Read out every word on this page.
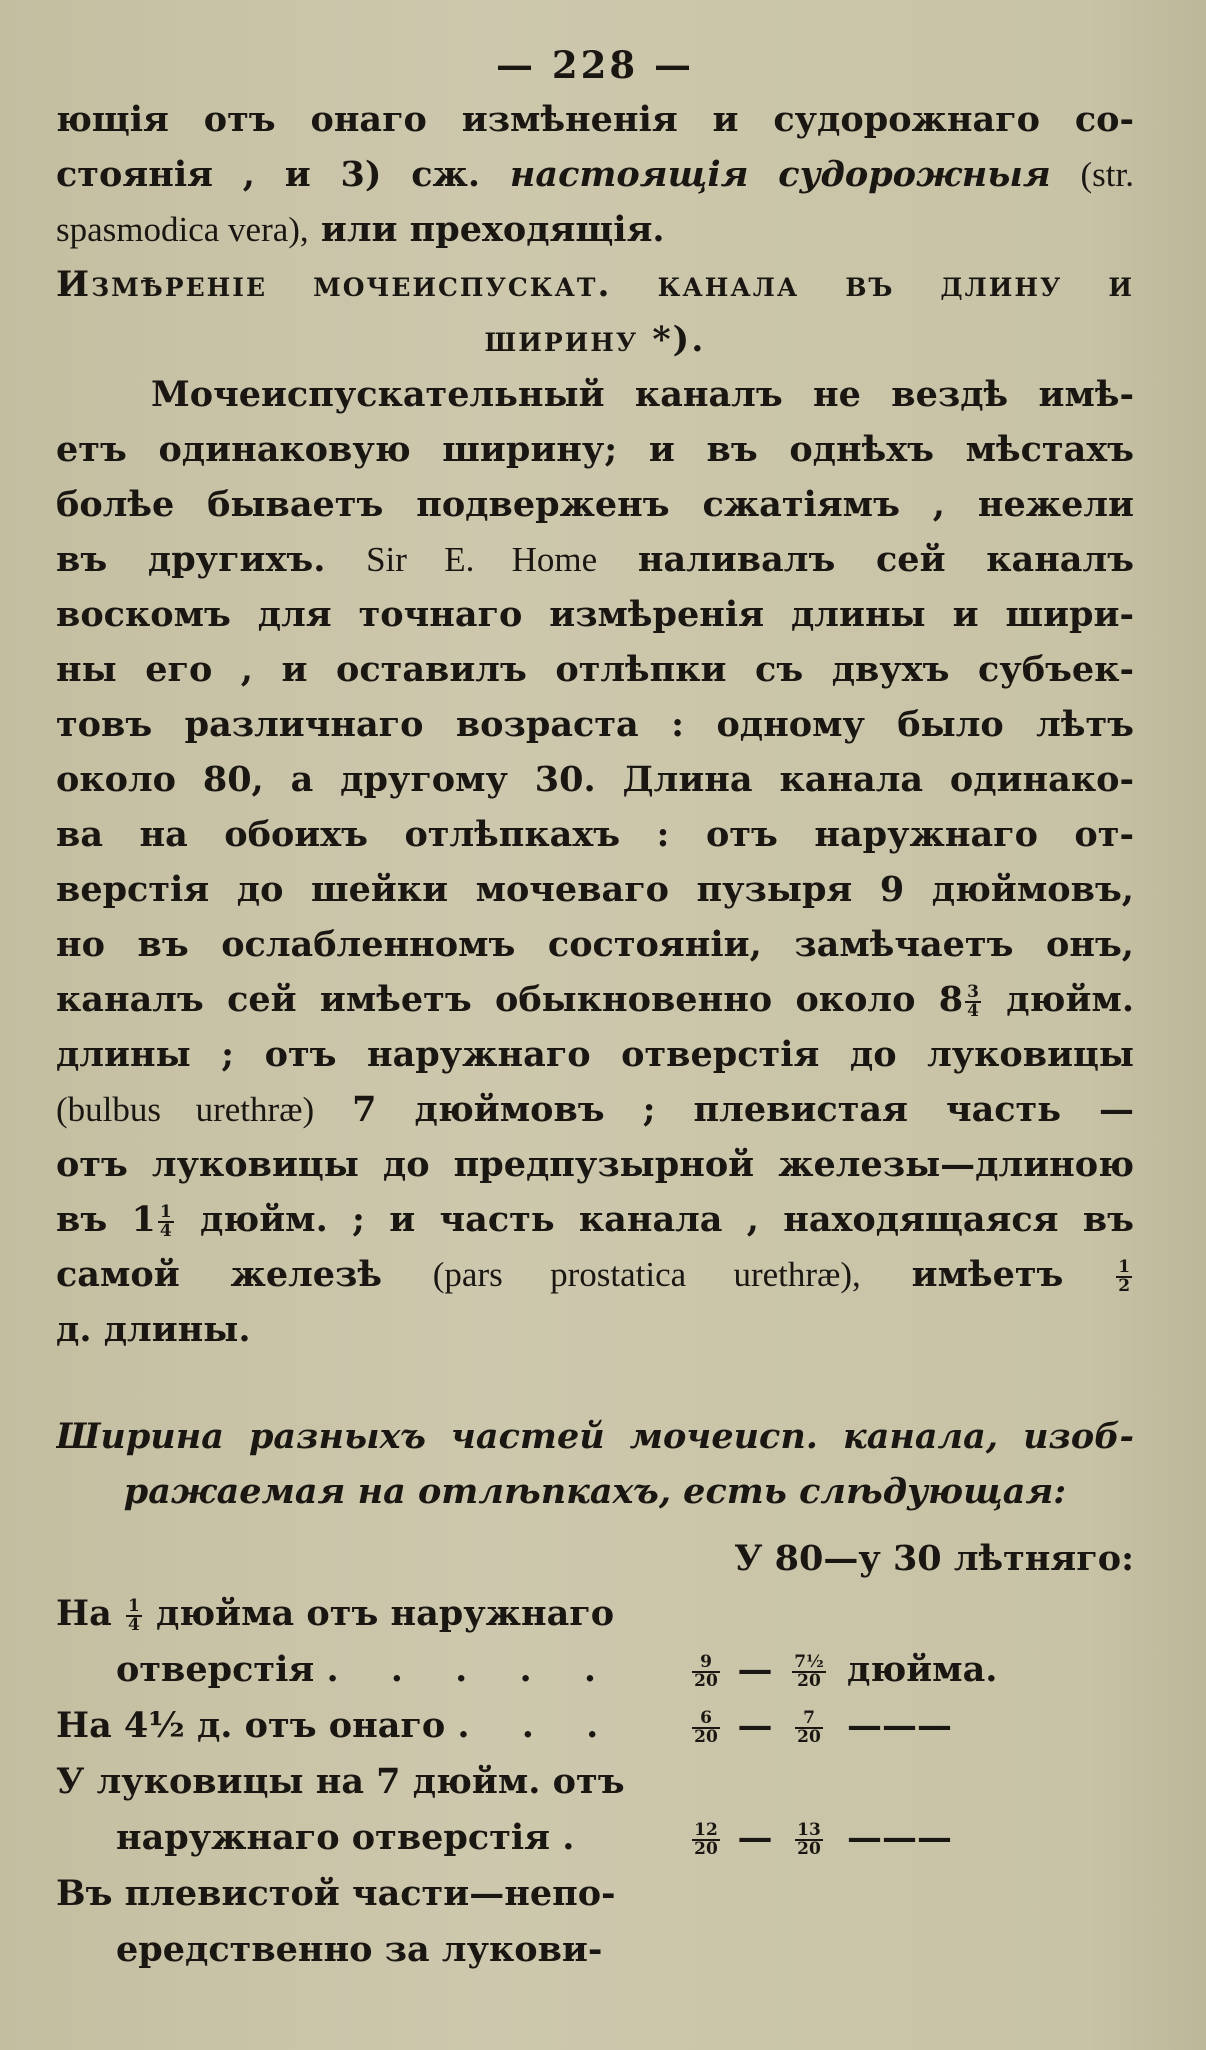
— 228 —
ющія отъ онаго измѣненія и судорожнаго со-
стоянія , и 3) сж. настоящія судорожныя (str.
spasmodica vera), или преходящія.
Измѣреніе мочеиспускат. канала въ длину и
ширину *).
Мочеиспускательный каналъ не вездѣ имѣ-
етъ одинаковую ширину; и въ однѣхъ мѣстахъ
болѣе бываетъ подверженъ сжатіямъ , нежели
въ другихъ. Sir E. Home наливалъ сей каналъ
воскомъ для точнаго измѣренія длины и шири-
ны его , и оставилъ отлѣпки съ двухъ субъек-
товъ различнаго возраста : одному было лѣтъ
около 80, а другому 30. Длина канала одинако-
ва на обоихъ отлѣпкахъ : отъ наружнаго от-
верстія до шейки мочеваго пузыря 9 дюймовъ,
но въ ослабленномъ состояніи, замѣчаетъ онъ,
каналъ сей имѣетъ обыкновенно около $8 \frac{3}{4}$ дюйм.
длины ; отъ наружнаго отверстія до луковицы
(bulbus urethræ) 7 дюймовъ ; плевистая часть —
отъ луковицы до предпузырной железы—длиною
въ $1 \frac{1}{4}$ дюйм. ; и часть канала , находящаяся въ
самой железѣ (pars prostatica urethræ), имѣетъ	$\frac{1}{2}$
д. длины.
Ширина разныхъ частей мочеисп. канала, изоб-
ражаемая на отлѣпкахъ, есть слѣдующая:
У 80—у 30 лѣтняго:
На $\frac{1}{4}$ дюйма отъ наружнаго
отверстія . . . . .	$\frac{9}{20}$ —	$\frac{\text{7½}}{20}$ дюйма.
На 4½ д. отъ онаго . . .	$\frac{6}{20}$ —	$\frac{7}{20}$ ———
У луковицы на 7 дюйм. отъ
наружнаго отверстія .	$\frac{12}{20}$ —	$\frac{13}{20}$ ———
Въ плевистой части—непо-
ередственно за лукови-
